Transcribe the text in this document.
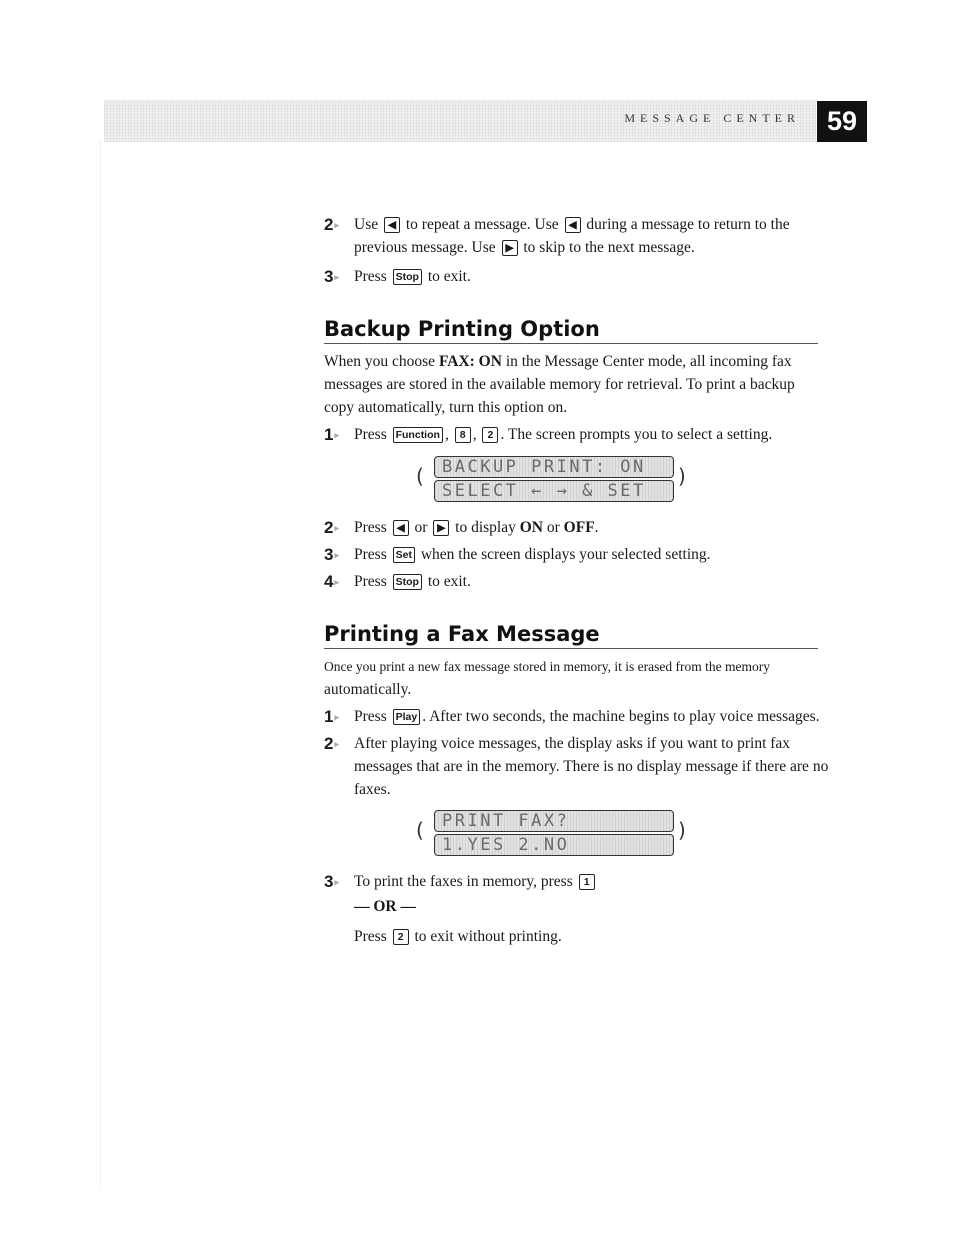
MESSAGE CENTER 59
2 ▸	Use ◀ to repeat a message. Use ◀ during a message to return to the previous message. Use ▶ to skip to the next message.
3 ▸	Press Stop to exit.
Backup Printing Option
When you choose FAX: ON in the Message Center mode, all incoming fax messages are stored in the available memory for retrieval. To print a backup copy automatically, turn this option on.
1 ▸	Press Function , 8 , 2 . The screen prompts you to select a setting.
BACKUP PRINT: ON
SELECT ← → & SET
(	)
2 ▸	Press ◀ or ▶ to display ON or OFF.
3 ▸	Press Set when the screen displays your selected setting.
4 ▸	Press Stop to exit.
Printing a Fax Message
Once you print a new fax message stored in memory, it is erased from the memory
automatically.
1 ▸	Press Play . After two seconds, the machine begins to play voice messages.
2 ▸	After playing voice messages, the display asks if you want to print fax messages that are in the memory. There is no display message if there are no faxes.
PRINT FAX?
1.YES 2.NO
(	)
3 ▸	To print the faxes in memory, press 1
— OR —
Press 2 to exit without printing.
